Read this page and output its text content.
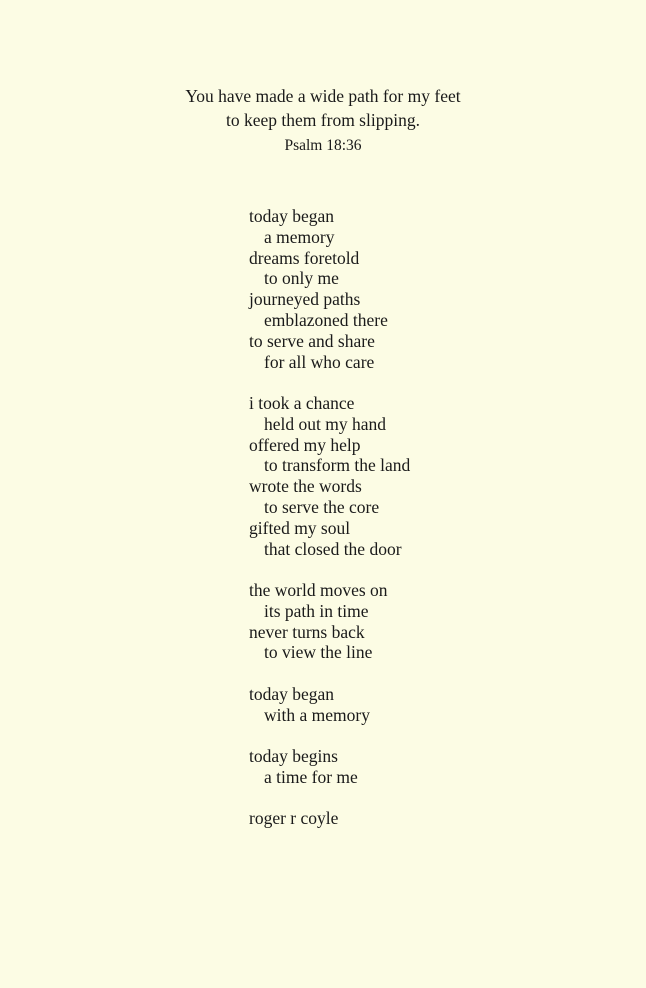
You have made a wide path for my feet
to keep them from slipping.
Psalm 18:36
today began
a memory
dreams foretold
to only me
journeyed paths
emblazoned there
to serve and share
for all who care
i took a chance
held out my hand
offered my help
to transform the land
wrote the words
to serve the core
gifted my soul
that closed the door
the world moves on
its path in time
never turns back
to view the line
today began
with a memory
today begins
a time for me
roger r coyle
